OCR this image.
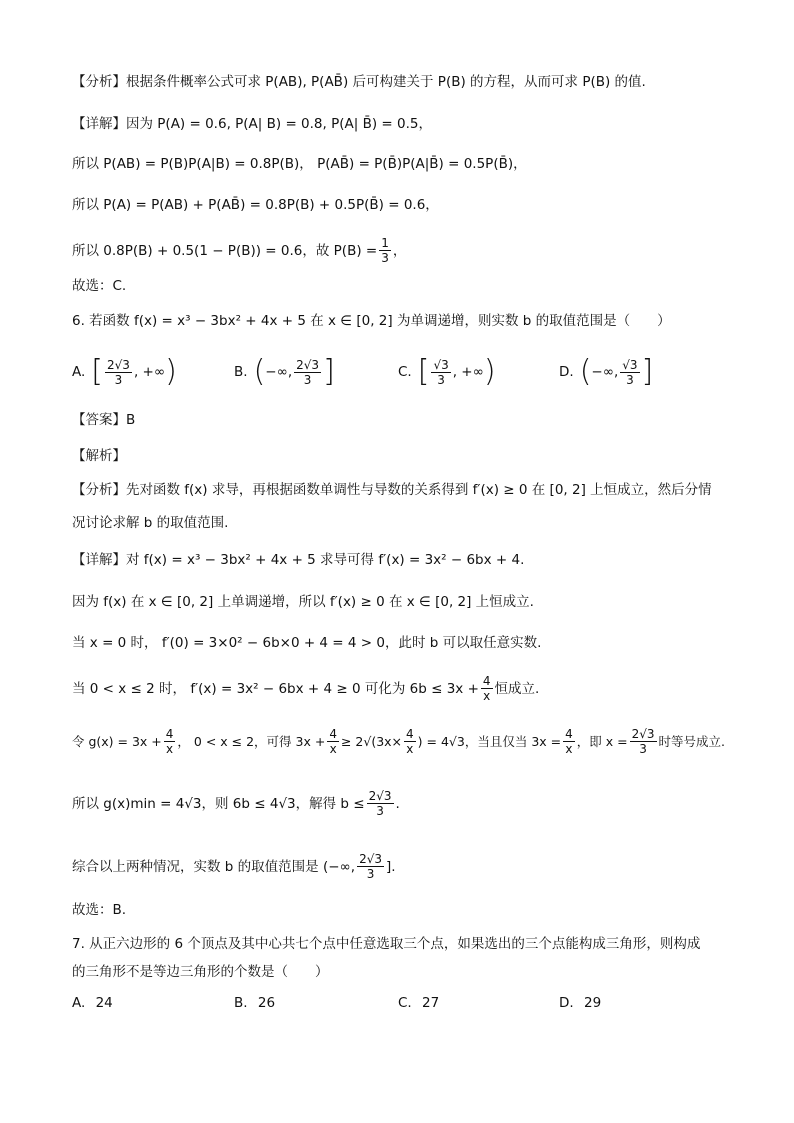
【分析】根据条件概率公式可求 P(AB), P(AB̄) 后可构建关于 P(B) 的方程，从而可求 P(B) 的值.
【详解】因为 P(A) = 0.6, P(A| B) = 0.8, P(A| B̄) = 0.5，
所以 P(AB) = P(B)P(A|B) = 0.8P(B)， P(AB̄) = P(B̄)P(A|B̄) = 0.5P(B̄)，
所以 P(A) = P(AB) + P(AB̄) = 0.8P(B) + 0.5P(B̄) = 0.6，
所以 0.8P(B) + 0.5(1 − P(B)) = 0.6，故 $P(B) = \frac{1}{3}$ ，
故选：C.
6. 若函数 f(x) = x³ − 3bx² + 4x + 5 在 x ∈ [0, 2] 为单调递增，则实数 b 的取值范围是（　　）
A. [ $\frac{2√3}{3}$ , +∞ )	B. ( −∞, $\frac{2√3}{3}$ ]	C. [ $\frac{√3}{3}$ , +∞ )	D. ( −∞, $\frac{√3}{3}$ ]
【答案】B
【解析】
【分析】先对函数 f(x) 求导，再根据函数单调性与导数的关系得到 f′(x) ≥ 0 在 [0, 2] 上恒成立，然后分情
况讨论求解 b 的取值范围.
【详解】对 f(x) = x³ − 3bx² + 4x + 5 求导可得 f′(x) = 3x² − 6bx + 4.
因为 f(x) 在 x ∈ [0, 2] 上单调递增，所以 f′(x) ≥ 0 在 x ∈ [0, 2] 上恒成立.
当 x = 0 时， f′(0) = 3×0² − 6b×0 + 4 = 4 > 0，此时 b 可以取任意实数.
当 0 < x ≤ 2 时， f′(x) = 3x² − 6bx + 4 ≥ 0 可化为 $6b \le 3x + \frac{4}{x}$ 恒成立.
令 $g(x) = 3x + \frac{4}{x}$ ， 0 < x ≤ 2，可得 $3x + \frac{4}{x} \ge 2√(3x\times \frac{4}{x}$ ) = 4√3，当且仅当 $3x = \frac{4}{x}$ ，即 $x = \frac{2√3}{3}$ 时等号成立.
所以 g(x)min = 4√3，则 6b ≤ 4√3，解得 $b \le \frac{2√3}{3}$ .
综合以上两种情况，实数 b 的取值范围是 (−∞, $\frac{2√3}{3}$ ].
故选：B.
7. 从正六边形的 6 个顶点及其中心共七个点中任意选取三个点，如果选出的三个点能构成三角形，则构成
的三角形不是等边三角形的个数是（　　）
A. 24	B. 26	C. 27	D. 29
